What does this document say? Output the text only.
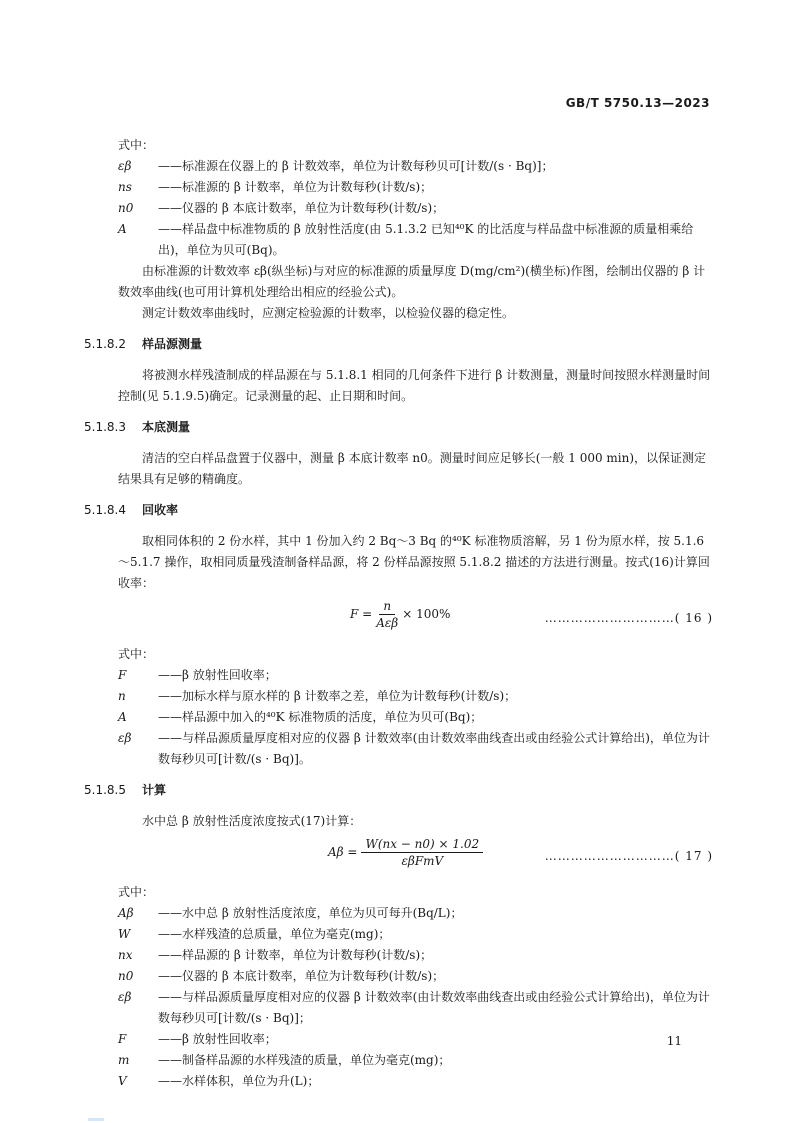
GB/T 5750.13—2023

式中：

εβ	——标准源在仪器上的 β 计数效率，单位为计数每秒贝可[计数/(s · Bq)]；
ns	——标准源的 β 计数率，单位为计数每秒(计数/s)；
n0	——仪器的 β 本底计数率，单位为计数每秒(计数/s)；
A	——样品盘中标准物质的 β 放射性活度(由 5.1.3.2 已知⁴⁰K 的比活度与样品盘中标准源的质量相乘给出)，单位为贝可(Bq)。

由标准源的计数效率 εβ(纵坐标)与对应的标准源的质量厚度 D(mg/cm²)(横坐标)作图，绘制出仪器的 β 计数效率曲线(也可用计算机处理给出相应的经验公式)。

测定计数效率曲线时，应测定检验源的计数率，以检验仪器的稳定性。

5.1.8.2 样品源测量

将被测水样残渣制成的样品源在与 5.1.8.1 相同的几何条件下进行 β 计数测量，测量时间按照水样测量时间控制(见 5.1.9.5)确定。记录测量的起、止日期和时间。

5.1.8.3 本底测量

清洁的空白样品盘置于仪器中，测量 β 本底计数率 n0。测量时间应足够长(一般 1 000 min)，以保证测定结果具有足够的精确度。

5.1.8.4 回收率

取相同体积的 2 份水样，其中 1 份加入约 2 Bq～3 Bq 的⁴⁰K 标准物质溶解，另 1 份为原水样，按 5.1.6～5.1.7 操作，取相同质量残渣制备样品源，将 2 份样品源按照 5.1.8.2 描述的方法进行测量。按式(16)计算回收率：

$F = \frac{n}{\text{Aεβ}} \times 100\%$	…………………………( 16 )

式中：

F	——β 放射性回收率；
n	——加标水样与原水样的 β 计数率之差，单位为计数每秒(计数/s)；
A	——样品源中加入的⁴⁰K 标准物质的活度，单位为贝可(Bq)；
εβ	——与样品源质量厚度相对应的仪器 β 计数效率(由计数效率曲线查出或由经验公式计算给出)，单位为计数每秒贝可[计数/(s · Bq)]。
5.1.8.5 计算

水中总 β 放射性活度浓度按式(17)计算：

$A\beta = \frac{W(nx - n0) \times 1.02}{\text{εβFmV}}$	…………………………( 17 )

式中：

Aβ	——水中总 β 放射性活度浓度，单位为贝可每升(Bq/L)；
W	——水样残渣的总质量，单位为毫克(mg)；
nx	——样品源的 β 计数率，单位为计数每秒(计数/s)；
n0	——仪器的 β 本底计数率，单位为计数每秒(计数/s)；
εβ	——与样品源质量厚度相对应的仪器 β 计数效率(由计数效率曲线查出或由经验公式计算给出)，单位为计数每秒贝可[计数/(s · Bq)]；
F	——β 放射性回收率；
m	——制备样品源的水样残渣的质量，单位为毫克(mg)；
V	——水样体积，单位为升(L)；
11
